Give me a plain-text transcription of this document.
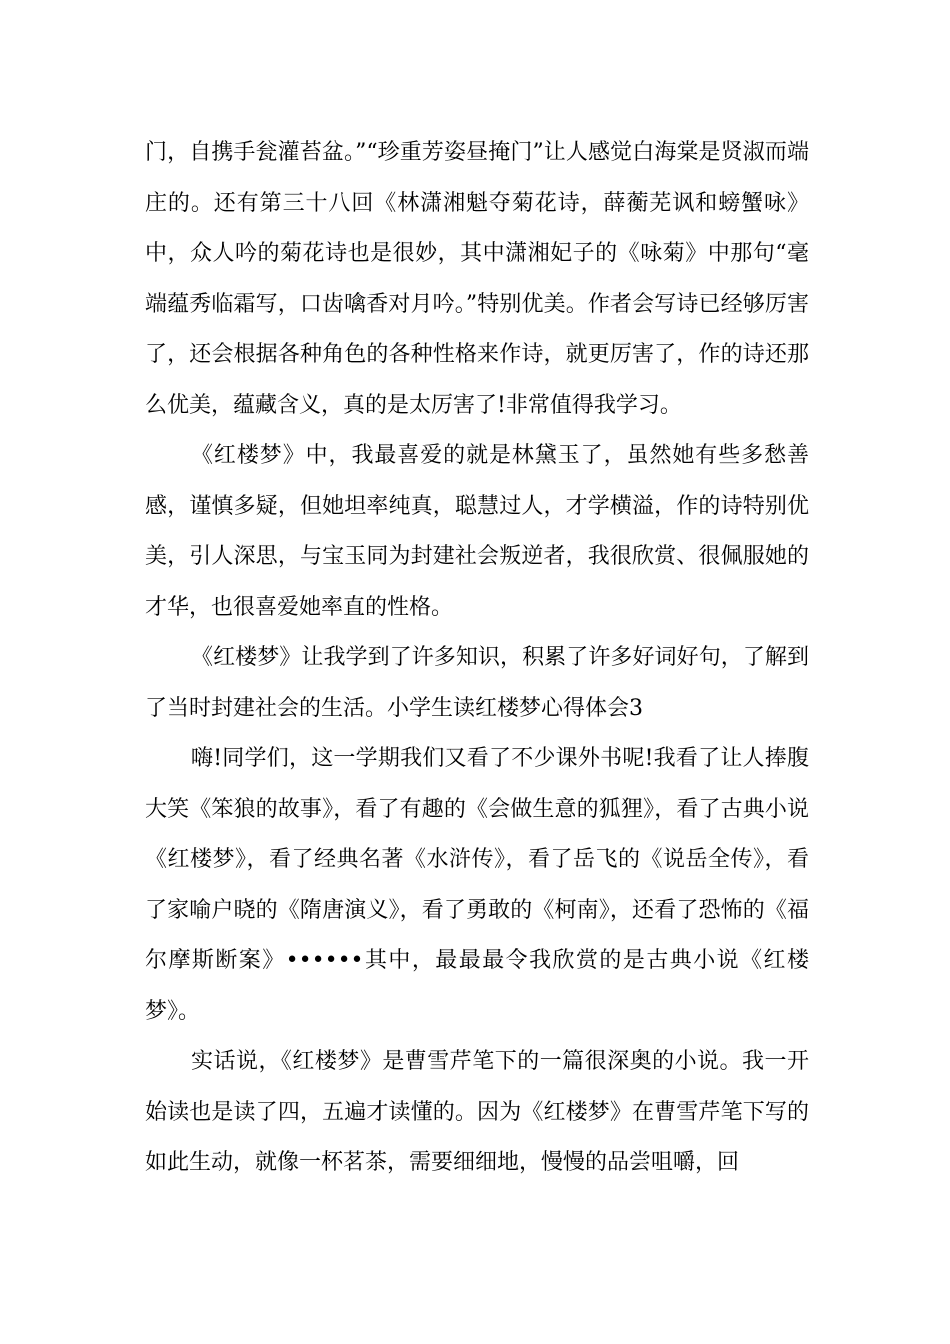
门，自携手瓮灌苔盆。”“珍重芳姿昼掩门”让人感觉白海棠是贤淑而端庄的。还有第三十八回《林潇湘魁夺菊花诗，薛蘅芜讽和螃蟹咏》中，众人吟的菊花诗也是很妙，其中潇湘妃子的《咏菊》中那句“毫端蕴秀临霜写，口齿噙香对月吟。”特别优美。作者会写诗已经够厉害了，还会根据各种角色的各种性格来作诗，就更厉害了，作的诗还那么优美，蕴藏含义，真的是太厉害了!非常值得我学习。

《红楼梦》中，我最喜爱的就是林黛玉了，虽然她有些多愁善感，谨慎多疑，但她坦率纯真，聪慧过人，才学横溢，作的诗特别优美，引人深思，与宝玉同为封建社会叛逆者，我很欣赏、很佩服她的才华，也很喜爱她率直的性格。

《红楼梦》让我学到了许多知识，积累了许多好词好句，了解到了当时封建社会的生活。小学生读红楼梦心得体会3

嗨!同学们，这一学期我们又看了不少课外书呢!我看了让人捧腹大笑《笨狼的故事》，看了有趣的《会做生意的狐狸》，看了古典小说《红楼梦》，看了经典名著《水浒传》，看了岳飞的《说岳全传》，看了家喻户晓的《隋唐演义》，看了勇敢的《柯南》，还看了恐怖的《福尔摩斯断案》••••••其中，最最最令我欣赏的是古典小说《红楼梦》。

实话说，《红楼梦》是曹雪芹笔下的一篇很深奥的小说。我一开始读也是读了四，五遍才读懂的。因为《红楼梦》在曹雪芹笔下写的如此生动，就像一杯茗茶，需要细细地，慢慢的品尝咀嚼，回
